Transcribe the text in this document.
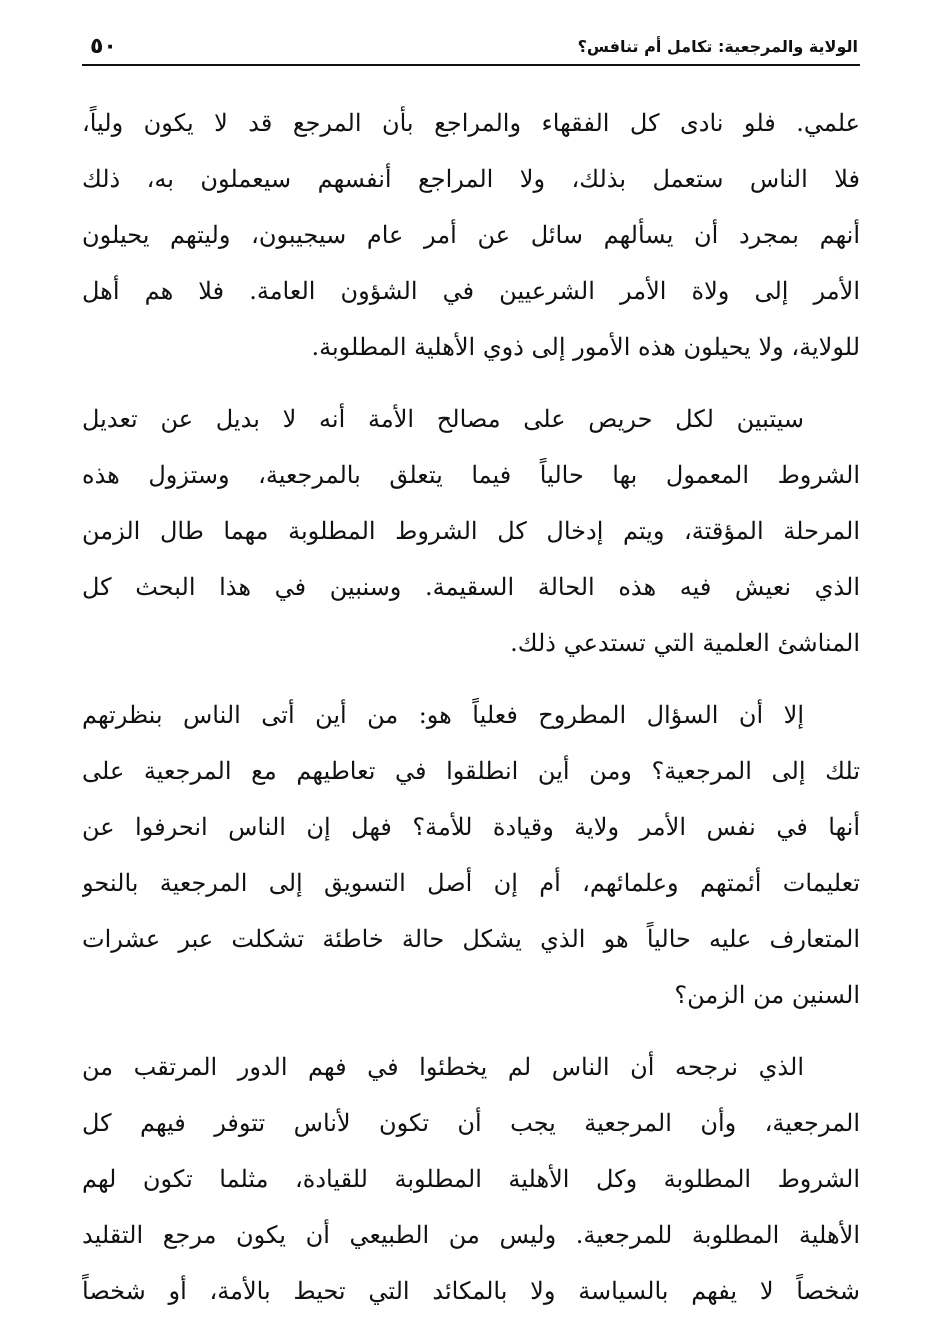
٥٠	الولاية والمرجعية: تكامل أم تنافس؟

علمي. فلو نادى كل الفقهاء والمراجع بأن المرجع قد لا يكون ولياً،
فلا الناس ستعمل بذلك، ولا المراجع أنفسهم سيعملون به، ذلك
أنهم بمجرد أن يسألهم سائل عن أمر عام سيجيبون، وليتهم يحيلون
الأمر إلى ولاة الأمر الشرعيين في الشؤون العامة. فلا هم أهل
للولاية، ولا يحيلون هذه الأمور إلى ذوي الأهلية المطلوبة.

سيتبين لكل حريص على مصالح الأمة أنه لا بديل عن تعديل
الشروط المعمول بها حالياً فيما يتعلق بالمرجعية، وستزول هذه
المرحلة المؤقتة، ويتم إدخال كل الشروط المطلوبة مهما طال الزمن
الذي نعيش فيه هذه الحالة السقيمة. وسنبين في هذا البحث كل
المناشئ العلمية التي تستدعي ذلك.

إلا أن السؤال المطروح فعلياً هو: من أين أتى الناس بنظرتهم
تلك إلى المرجعية؟ ومن أين انطلقوا في تعاطيهم مع المرجعية على
أنها في نفس الأمر ولاية وقيادة للأمة؟ فهل إن الناس انحرفوا عن
تعليمات أئمتهم وعلمائهم، أم إن أصل التسويق إلى المرجعية بالنحو
المتعارف عليه حالياً هو الذي يشكل حالة خاطئة تشكلت عبر عشرات
السنين من الزمن؟

الذي نرجحه أن الناس لم يخطئوا في فهم الدور المرتقب من
المرجعية، وأن المرجعية يجب أن تكون لأناس تتوفر فيهم كل
الشروط المطلوبة وكل الأهلية المطلوبة للقيادة، مثلما تكون لهم
الأهلية المطلوبة للمرجعية. وليس من الطبيعي أن يكون مرجع التقليد
شخصاً لا يفهم بالسياسة ولا بالمكائد التي تحيط بالأمة، أو شخصاً
